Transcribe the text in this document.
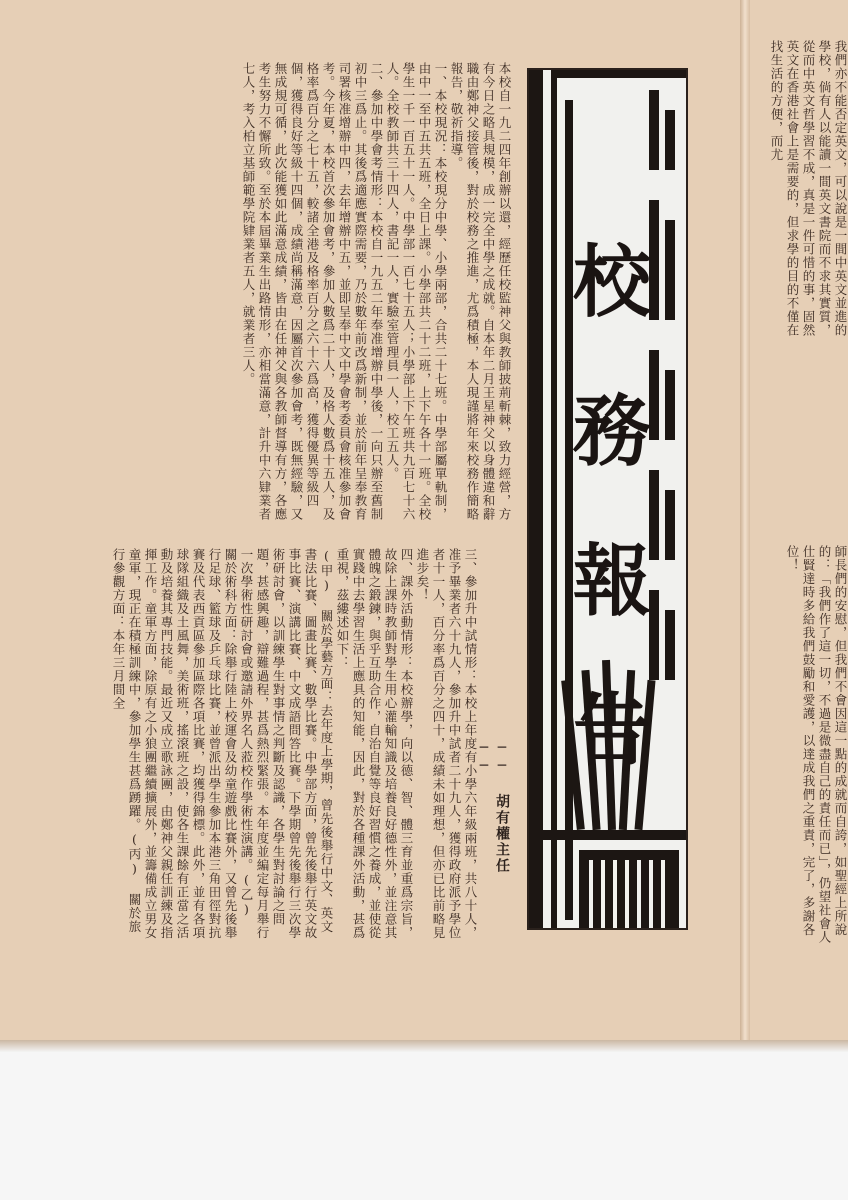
我們亦不能否定英文，可以說是一間中英文並進的學校，倘有人以能讀一間英文書院而不求其實質，從而中英文哲學習不成，真是一件可惜的事，固然英文在香港社會上是需要的，但求學的目的不僅在找生活的方便，而尤
師長們的安慰，但我們不會因這一點的成就而自誇，如聖經上所說的：「我們作了這一切，不過是微盡自己的責任而已」，仍望社會人仕賢達時多給我們鼓勵和愛護，以達成我們之重責，完了，多謝各位！
校
務
報
告
── 胡有權主任 ──
本校自一九二四年創辦以還，經歷任校監神父與教師披荊斬棘，致力經營，方有今日之略具規模，成一完全中學之成就。自本年二月王星神父以身體違和辭職由鄭神父接管後，對於校務之推進，尤爲積極，本人現謹將年來校務作簡略報告，敬祈指導。
一、本校現況：本校現分中學、小學兩部，合共二十七班。中學部屬單軌制，由中一至中五共五班，全日上課。小學部共二十二班，上下午各十一班。全校學生一千一百五十一人。中學部一百七十五人；小學部上下午班共九百七十六人。全校教師共三十四人，書記一人，實驗室管理員一人，校工五人。
二、參加中學會考情形：本校自一九五二年奉准增辦中學後，一向只辦至舊制初中三爲止。其後爲適應實際需要，乃於數年前改爲新制，並於前年呈奉教育司署核准增辦中四，去年增辦中五，並即呈奉中文中學會考委員會核准參加會考。今年夏，本校首次參加會考，參加人數爲二十人，及格人數爲十五人，及格率爲百分之七十五，較諸全港及格率百分之六十六爲高，獲得優異等級四個，獲得良好等級十四個，成績尚稱滿意，因屬首次參加會考，既無經驗，又無成規可循，此次能獲如此滿意成績，皆由在任神父與各教師督導有方，各應考生努力不懈所致。至於本屆畢業生出路情形，亦相當滿意，計升中六肄業者七人，考入柏立基師範學院肄業者五人，就業者三人。
三、參加升中試情形：本校上年度有小學六年級兩班，共八十人，准予畢業者六十九人，參加升中試者二十九人，獲得政府派予學位者十一人，百分率爲百分之四十，成績未如理想，但亦已比前略見進步矣！
四、課外活動情形：本校辦學，向以德、智、體三育並重爲宗旨，故除上課時教師對學生用心灌輸知識及培養良好德性外，並注意其體魄之鍛鍊，與乎互助合作，自治自覺等良好習慣之養成，並使從實踐中去學習生活上應具的知能，因此，對於各種課外活動，甚爲重視，茲縷述如下：
(甲) 關於學藝方面：去年度上學期，曾先後舉行中文、英文書法比賽、圖畫比賽、數學比賽。中學部方面，曾先後舉行英文故事比賽、演講比賽、中文成語問答比賽。下學期曾先後舉行三次學術研討會，以訓練學生對事情之判斷及認識，各學生對討論之問題，甚感興趣，辯難過程，甚爲熱烈緊張。本年度並編定每月舉行一次學術性研討會或邀請外界名人蒞校作學術性演講。(乙) 關於術科方面：除舉行陸上校運會及幼童遊戲比賽外，又曾先後舉行足球、籃球及乒乓球比賽，並曾派出學生參加本港三角田徑對抗賽及代表西貢區參加區際各項比賽，均獲得錦標。此外，並有各項球隊組織及土風舞，美術班，搖滾班之設，使各生課餘有正當之活動及培養其專門技能。最近又成立歌詠團，由鄭神父親任訓練及指揮工作。童軍方面，除原有之小狼團繼續擴展外，並籌備成立男女童軍，現正在積極訓練中，參加學生甚爲踴躍。(丙) 關於旅行參觀方面：本年三月間全
